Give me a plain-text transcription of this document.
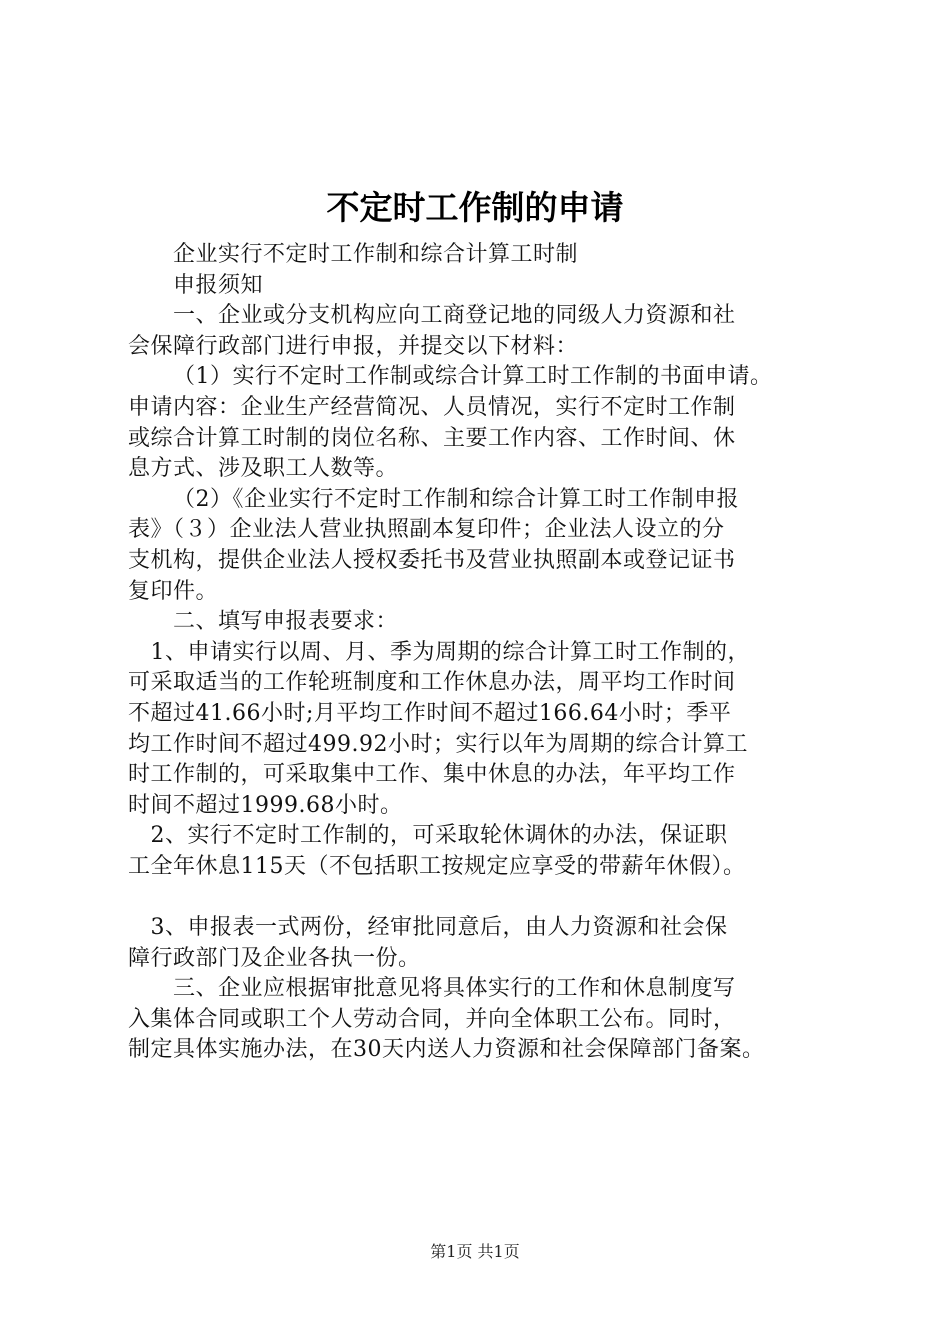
不定时工作制的申请
企业实行不定时工作制和综合计算工时制
申报须知
一、企业或分支机构应向工商登记地的同级人力资源和社
会保障行政部门进行申报，并提交以下材料：
（1）实行不定时工作制或综合计算工时工作制的书面申请。
申请内容：企业生产经营简况、人员情况，实行不定时工作制
或综合计算工时制的岗位名称、主要工作内容、工作时间、休
息方式、涉及职工人数等。
（2）《企业实行不定时工作制和综合计算工时工作制申报
表》（３）企业法人营业执照副本复印件；企业法人设立的分
支机构，提供企业法人授权委托书及营业执照副本或登记证书
复印件。
二、填写申报表要求：
1、申请实行以周、月、季为周期的综合计算工时工作制的，
可采取适当的工作轮班制度和工作休息办法，周平均工作时间
不超过41.66小时;月平均工作时间不超过166.64小时；季平
均工作时间不超过499.92小时；实行以年为周期的综合计算工
时工作制的，可采取集中工作、集中休息的办法，年平均工作
时间不超过1999.68小时。
2、实行不定时工作制的，可采取轮休调休的办法，保证职
工全年休息115天（不包括职工按规定应享受的带薪年休假）。
3、申报表一式两份，经审批同意后，由人力资源和社会保
障行政部门及企业各执一份。
三、企业应根据审批意见将具体实行的工作和休息制度写
入集体合同或职工个人劳动合同，并向全体职工公布。同时，
制定具体实施办法，在30天内送人力资源和社会保障部门备案。
第1页 共1页
